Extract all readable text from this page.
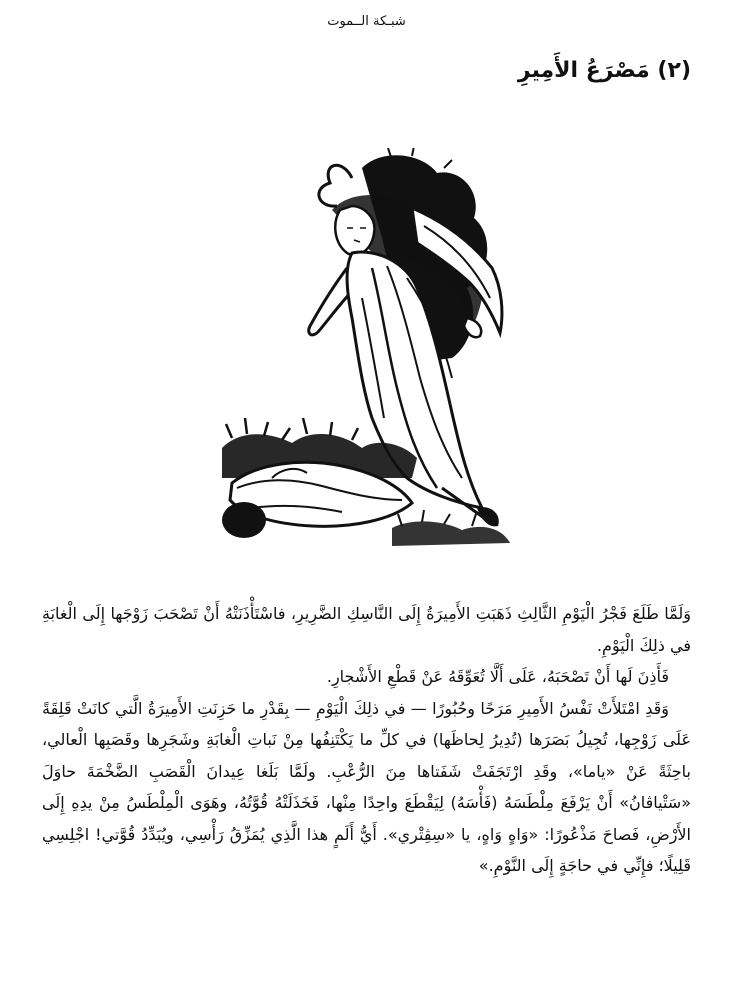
شبـكة الــموت
(٢) مَصْرَعُ الأَمِيرِ

وَلَمَّا طَلَعَ فَجْرُ الْيَوْمِ الثَّالِثِ ذَهَبَتِ الأَمِيرَةُ إِلَى النَّاسِكِ الضَّرِيرِ، فاسْتَأْذَنَتْهُ أَنْ تَصْحَبَ زَوْجَها إِلَى الْغابَةِ في ذلِكَ الْيَوْمِ.

فَأَذِنَ لَها أَنْ تَصْحَبَهُ، عَلَى أَلَّا تُعَوِّقَهُ عَنْ قَطْعِ الأَشْجارِ.

وَقَدِ امْتَلأَتْ نَفْسُ الأَمِيرِ مَرَحًا وحُبُورًا — في ذلِكَ الْيَوْمِ — بِقَدْرِ ما حَزِنَتِ الأَمِيرَةُ الَّتي كانَتْ قَلِقَةً عَلَى زَوْجِها، تُجِيلُ بَصَرَها (تُدِيرُ لِحاظَها) في كلِّ ما يَكْتَنِفُها مِنْ نَباتِ الْغابَةِ وشَجَرِها وقَصَبِها الْعالي، باحِثَةً عَنْ «ياما»، وقَدِ ارْتَجَفَتْ شَفَتاها مِنَ الرُّعْبِ. ولَمَّا بَلَغا عِيدانَ الْقَصَبِ الضَّخْمَةَ حاوَلَ «سَتْياڤانُ» أَنْ يَرْفَعَ مِلْطَسَهُ (فَأْسَهُ) لِيَقْطَعَ واحِدًا مِنْها، فَخَذَلَتْهُ قُوَّتُهُ، وهَوَى الْمِلْطَسُ مِنْ يدِهِ إِلَى الأَرْضِ، فَصاحَ مَذْعُورًا: «وَاهٍ وَاهٍ، يا «سِڤِتْري». أَيُّ أَلَمٍ هذا الَّذِي يُمَزِّقُ رَأْسِي، ويُبَدِّدُ قُوَّتي! اجْلِسِي قَلِيلًا؛ فإِنِّي في حاجَةٍ إِلَى النَّوْمِ.»
